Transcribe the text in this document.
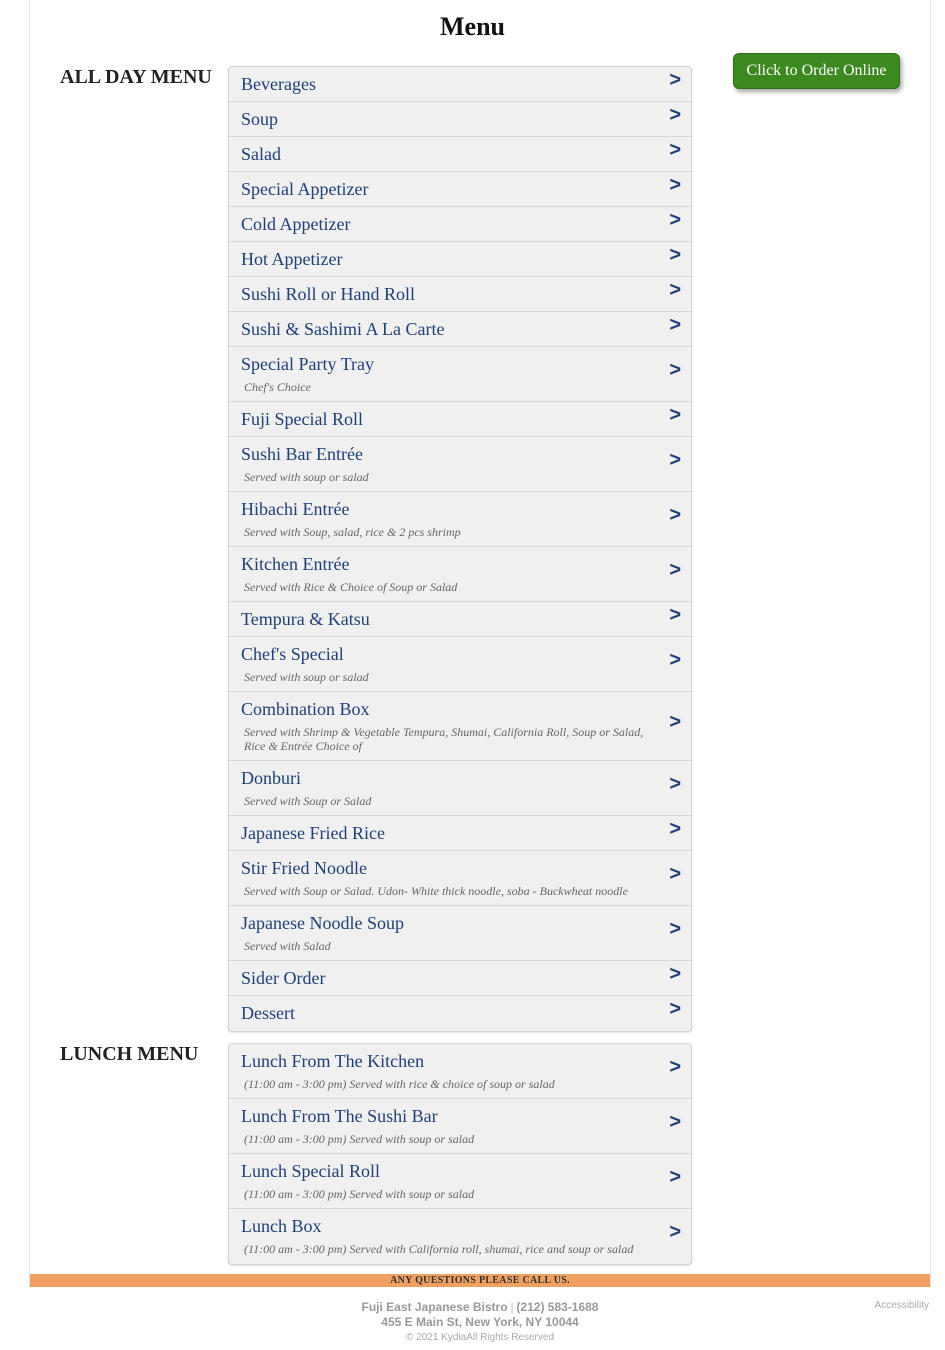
Menu
ALL DAY MENU	Click to Order Online
Beverages	>
Soup	>
Salad	>
Special Appetizer	>
Cold Appetizer	>
Hot Appetizer	>
Sushi Roll or Hand Roll	>
Sushi & Sashimi A La Carte	>
Special Party Tray
Chef's Choice
>
Fuji Special Roll	>
Sushi Bar Entrée
Served with soup or salad
>
Hibachi Entrée
Served with Soup, salad, rice & 2 pcs shrimp
>
Kitchen Entrée
Served with Rice & Choice of Soup or Salad
>
Tempura & Katsu	>
Chef's Special
Served with soup or salad
>
Combination Box
Served with Shrimp & Vegetable Tempura, Shumai, California Roll, Soup or Salad, Rice & Entrée Choice of
>
Donburi
Served with Soup or Salad
>
Japanese Fried Rice	>
Stir Fried Noodle
Served with Soup or Salad. Udon- White thick noodle, soba - Buckwheat noodle
>
Japanese Noodle Soup
Served with Salad
>
Sider Order	>
Dessert	>
LUNCH MENU Lunch From The Kitchen
(11:00 am - 3:00 pm) Served with rice & choice of soup or salad
>
Lunch From The Sushi Bar
(11:00 am - 3:00 pm) Served with soup or salad
>
Lunch Special Roll
(11:00 am - 3:00 pm) Served with soup or salad
>
Lunch Box
(11:00 am - 3:00 pm) Served with California roll, shumai, rice and soup or salad
>
ANY QUESTIONS PLEASE CALL US.
Fuji East Japanese Bistro | (212) 583-1688
455 E Main St, New York, NY 10044
© 2021 KydiaAll Rights Reserved
Accessibility
